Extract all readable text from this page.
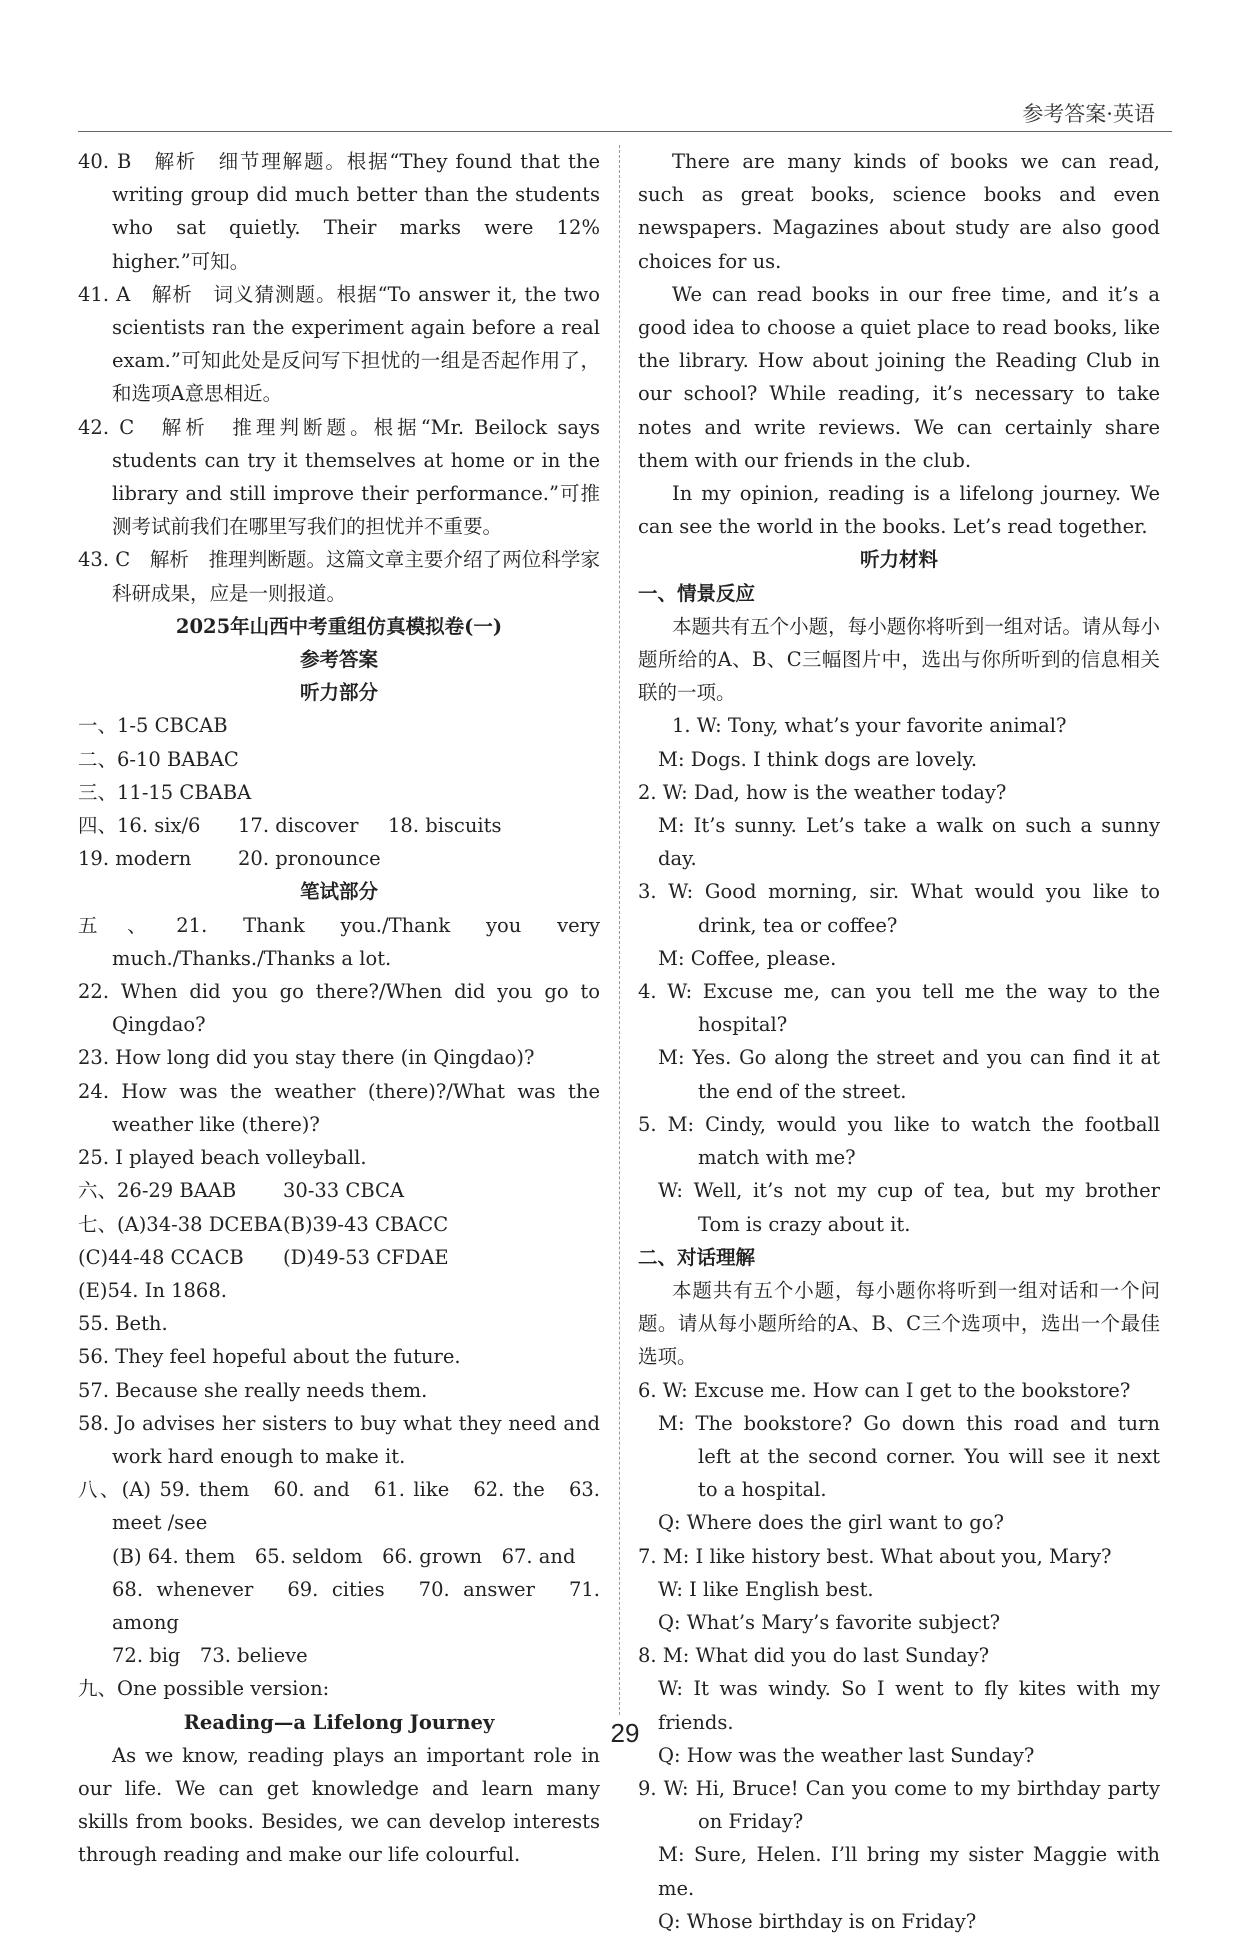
参考答案·英语

40. B　解析　细节理解题。根据“They found that the writing group did much better than the students who sat quietly. Their marks were 12% higher.”可知。

41. A　解析　词义猜测题。根据“To answer it, the two scientists ran the experiment again before a real exam.”可知此处是反问写下担忧的一组是否起作用了，和选项A意思相近。

42. C　解析　推理判断题。根据“Mr. Beilock says students can try it themselves at home or in the library and still improve their performance.”可推测考试前我们在哪里写我们的担忧并不重要。

43. C　解析　推理判断题。这篇文章主要介绍了两位科学家科研成果，应是一则报道。

2025年山西中考重组仿真模拟卷(一)

参考答案

听力部分

一、1-5 CBCAB

二、6-10 BABAC

三、11-15 CBABA

四、16. six/6 17. discover 18. biscuits

19. modern 20. pronounce

笔试部分

五、21. Thank you./Thank you very much./Thanks./Thanks a lot.

22. When did you go there?/When did you go to Qingdao?

23. How long did you stay there (in Qingdao)?

24. How was the weather (there)?/What was the weather like (there)?

25. I played beach volleyball.

六、26-29 BAAB 30-33 CBCA

七、(A)34-38 DCEBA(B)39-43 CBACC

(C)44-48 CCACB (D)49-53 CFDAE

(E)54. In 1868.

55. Beth.

56. They feel hopeful about the future.

57. Because she really needs them.

58. Jo advises her sisters to buy what they need and work hard enough to make it.

八、(A) 59. them　60. and　61. like　62. the　63. meet /see

(B) 64. them　65. seldom　66. grown　67. and

68. whenever　69. cities　70. answer　71. among

72. big　73. believe

九、One possible version:

Reading—a Lifelong Journey

As we know, reading plays an important role in our life. We can get knowledge and learn many skills from books. Besides, we can develop interests through reading and make our life colourful.

There are many kinds of books we can read, such as great books, science books and even newspapers. Magazines about study are also good choices for us.

We can read books in our free time, and it’s a good idea to choose a quiet place to read books, like the library. How about joining the Reading Club in our school? While reading, it’s necessary to take notes and write reviews. We can certainly share them with our friends in the club.

In my opinion, reading is a lifelong journey. We can see the world in the books. Let’s read together.

听力材料

一、情景反应

本题共有五个小题，每小题你将听到一组对话。请从每小题所给的A、B、C三幅图片中，选出与你所听到的信息相关联的一项。

1. W: Tony, what’s your favorite animal?

M: Dogs. I think dogs are lovely.

2. W: Dad, how is the weather today?

M: It’s sunny. Let’s take a walk on such a sunny day.

3. W: Good morning, sir. What would you like to drink, tea or coffee?

M: Coffee, please.

4. W: Excuse me, can you tell me the way to the hospital?

M: Yes. Go along the street and you can find it at the end of the street.

5. M: Cindy, would you like to watch the football match with me?

W: Well, it’s not my cup of tea, but my brother Tom is crazy about it.

二、对话理解

本题共有五个小题，每小题你将听到一组对话和一个问题。请从每小题所给的A、B、C三个选项中，选出一个最佳选项。

6. W: Excuse me. How can I get to the bookstore?

M: The bookstore? Go down this road and turn left at the second corner. You will see it next to a hospital.

Q: Where does the girl want to go?

7. M: I like history best. What about you, Mary?

W: I like English best.

Q: What’s Mary’s favorite subject?

8. M: What did you do last Sunday?

W: It was windy. So I went to fly kites with my friends.

Q: How was the weather last Sunday?

9. W: Hi, Bruce! Can you come to my birthday party on Friday?

M: Sure, Helen. I’ll bring my sister Maggie with me.

Q: Whose birthday is on Friday?

29
